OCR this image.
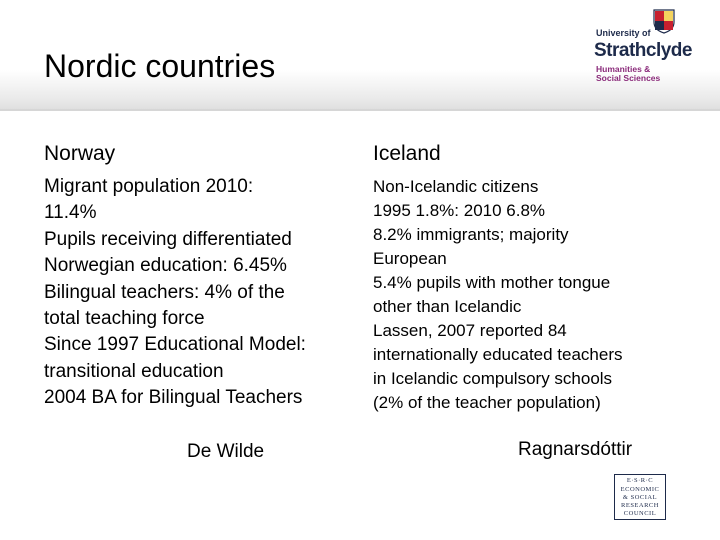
Nordic countries
University of
Strathclyde
Humanities &
Social Sciences
Norway
Migrant population 2010:
11.4%
Pupils receiving differentiated
Norwegian education: 6.45%
Bilingual teachers: 4% of the
total teaching force
Since 1997 Educational Model:
transitional education
2004 BA for Bilingual Teachers
De Wilde
Iceland
Non-Icelandic citizens
1995 1.8%: 2010 6.8%
8.2% immigrants; majority
European
5.4% pupils with mother tongue
other than Icelandic
Lassen, 2007 reported 84
internationally educated teachers
in Icelandic compulsory schools
(2% of the teacher population)
Ragnarsdóttir
E·S·R·C
ECONOMIC
& SOCIAL
RESEARCH
COUNCIL
